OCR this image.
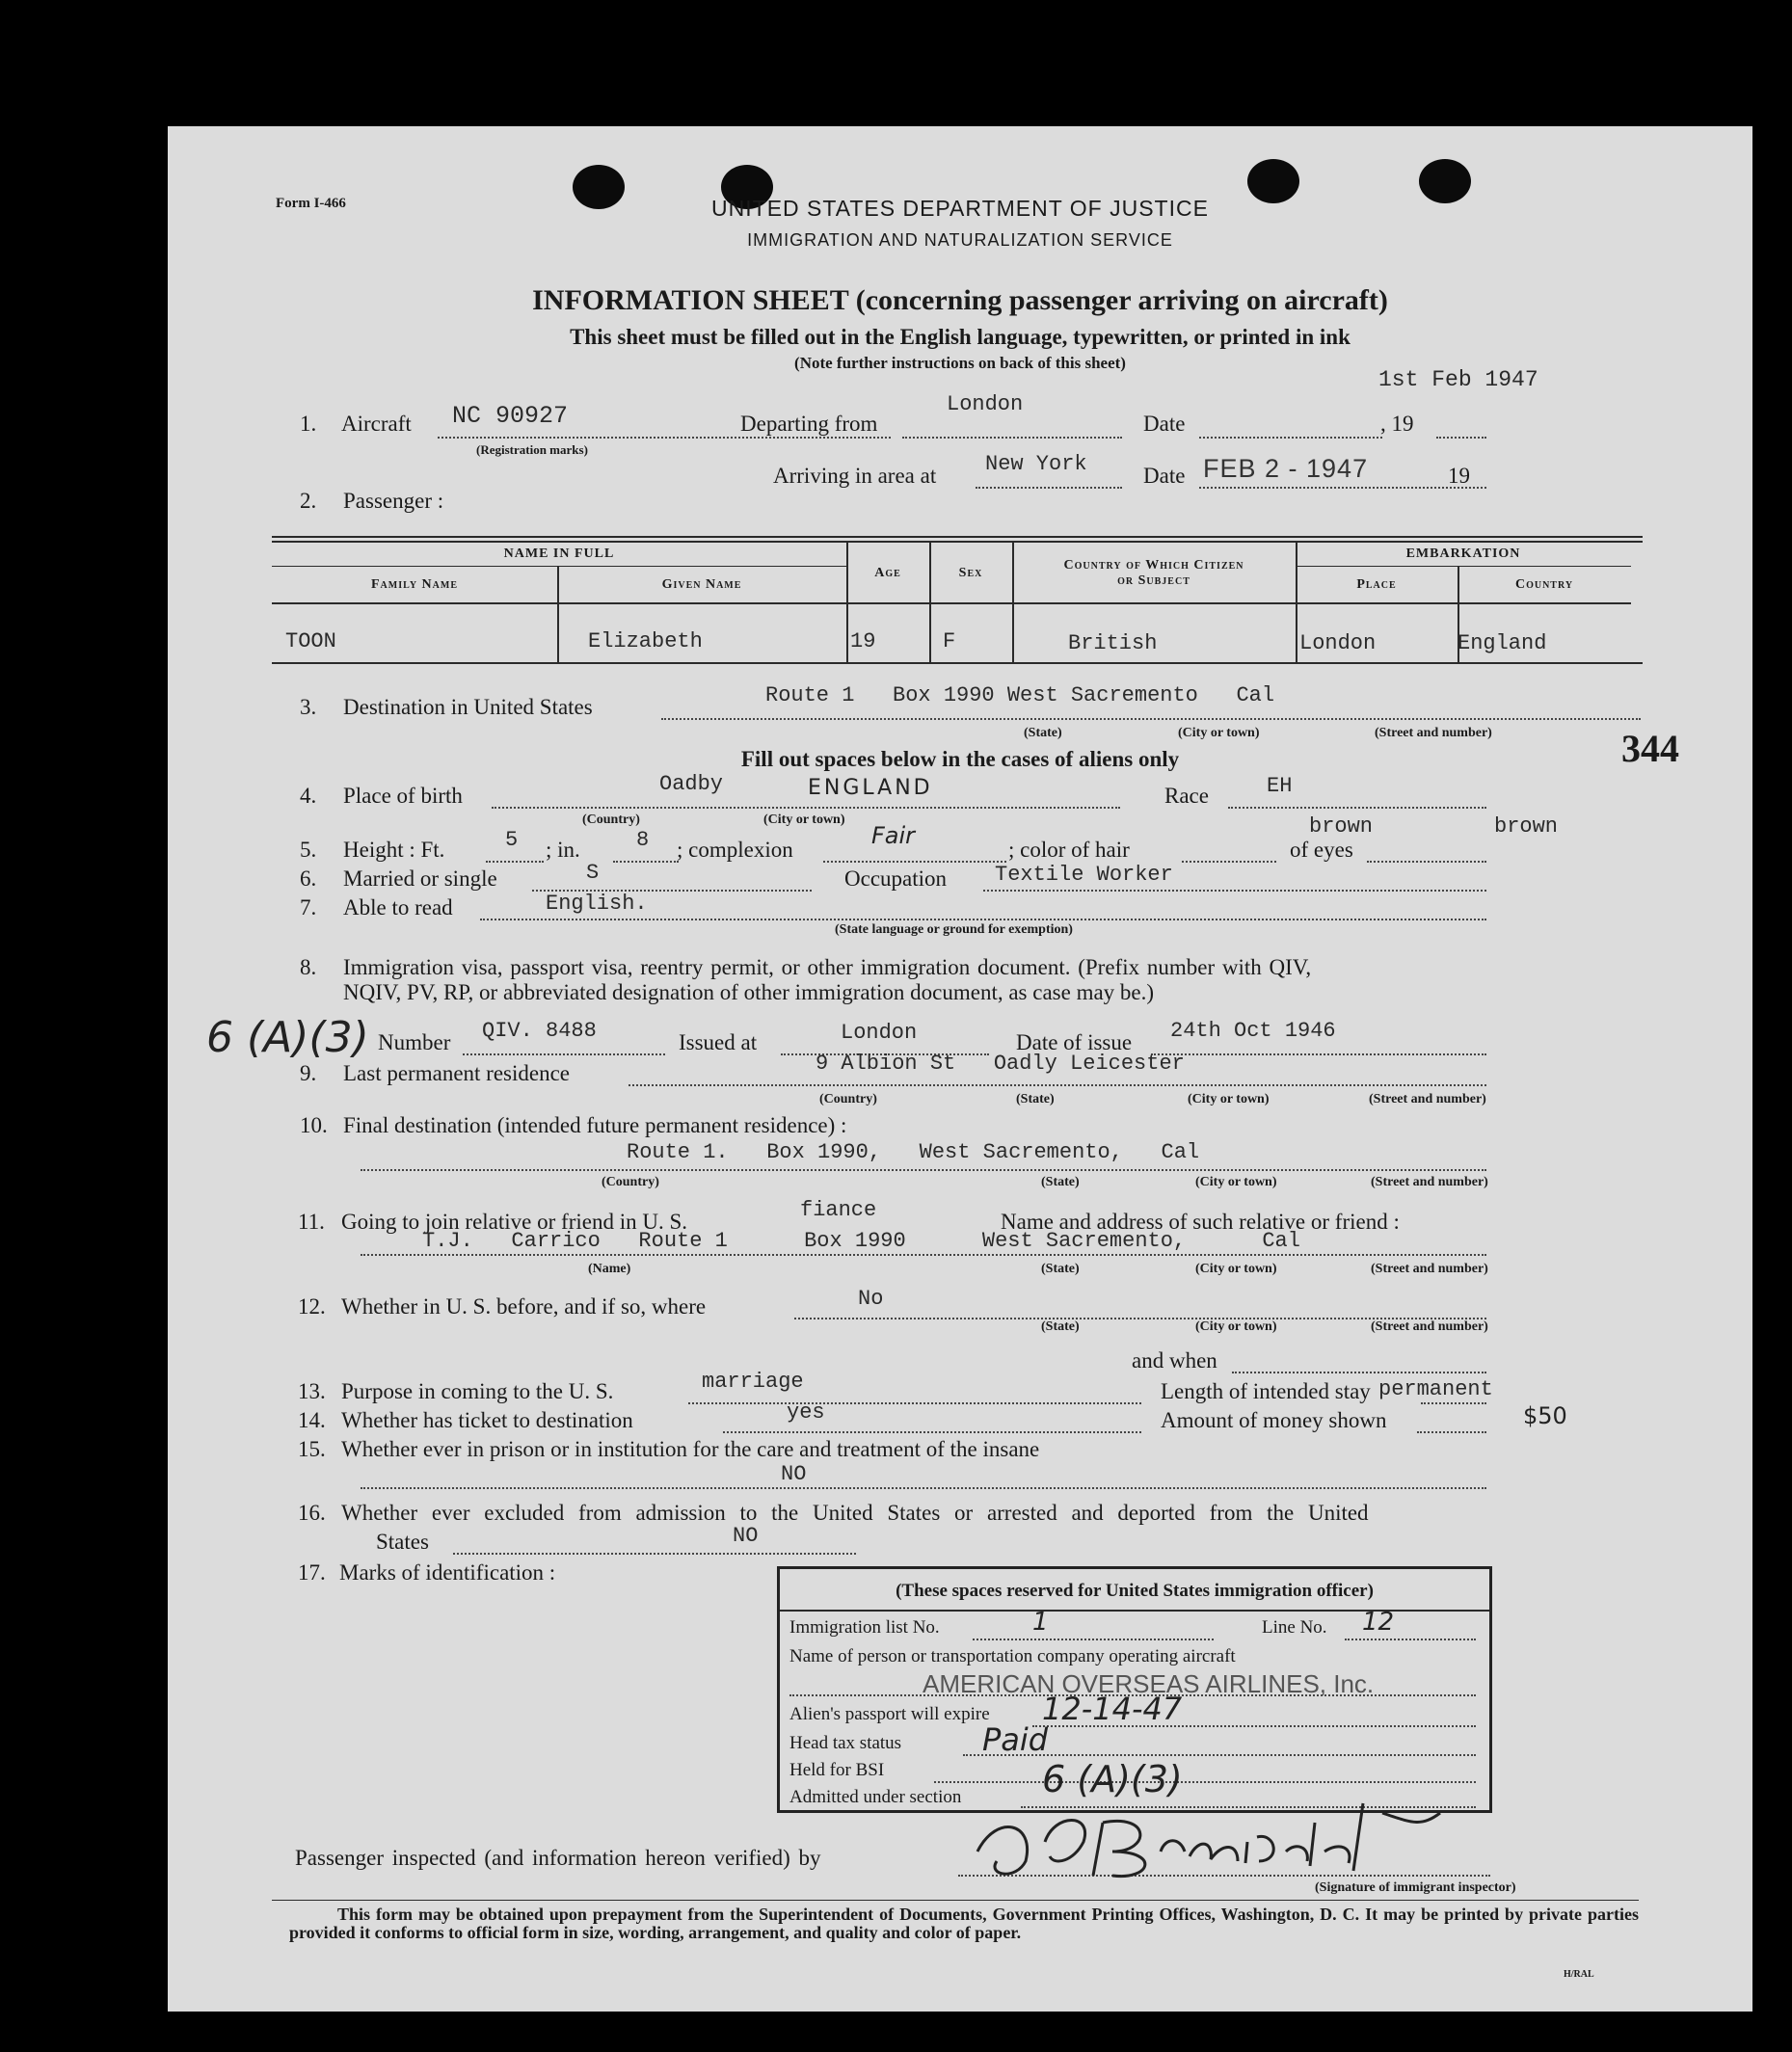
Form I-466	UNITED STATES DEPARTMENT OF JUSTICE
IMMIGRATION AND NATURALIZATION SERVICE
INFORMATION SHEET (concerning passenger arriving on aircraft)
This sheet must be filled out in the English language, typewritten, or printed in ink
(Note further instructions on back of this sheet)
1st Feb 1947
1. Aircraft NC 90927
(Registration marks)
Departing from
London
Date	, 19
Arriving in area at New York	Date FEB 2 - 1947	19
2. Passenger :
NAME IN FULL
Family Name	Given Name
Age	Sex
Country of Which Citizen
or Subject
EMBARKATION
Place	Country
TOON	Elizabeth	19	F	British	London	England
3. Destination in United States	Route 1   Box 1990 West Sacremento   Cal
(State)	(City or town)	(Street and number)	344
Fill out spaces below in the cases of aliens only
4. Place of birth	Oadby	ENGLAND
(Country)	(City or town)
Race	EH
5. Height : Ft.	5 ; in.	8 ; complexion
Fair
; color of hair
brown
of eyes
brown
6. Married or single	S	Occupation Textile Worker
7. Able to read	English.
(State language or ground for exemption)
8. Immigration visa, passport visa, reentry permit, or other immigration document. (Prefix number with QIV,
NQIV, PV, RP, or abbreviated designation of other immigration document, as case may be.)
6 (A)(3) Number QIV. 8488	Issued at	London	Date of issue 24th Oct 1946
9. Last permanent residence	9 Albion St   Oadly Leicester
(Country)	(State)	(City or town)	(Street and number)
10. Final destination (intended future permanent residence) :
Route 1.   Box 1990,   West Sacremento,   Cal
(Country)	(State)	(City or town)	(Street and number)
11. Going to join relative or friend in U. S.	fiance	Name and address of such relative or friend :
T.J.   Carrico   Route 1      Box 1990      West Sacremento,      Cal
(Name)	(State)	(City or town)	(Street and number)
12. Whether in U. S. before, and if so, where	No
(State)	(City or town)	(Street and number)
and when
13. Purpose in coming to the U. S.	marriage	Length of intended stay permanent
14. Whether has ticket to destination	yes	Amount of money shown	$50
15. Whether ever in prison or in institution for the care and treatment of the insane
NO
16. Whether ever excluded from admission to the United States or arrested and deported from the United
States	NO
17. Marks of identification :
(These spaces reserved for United States immigration officer)
Immigration list No.	1	Line No. 12
Name of person or transportation company operating aircraft
AMERICAN OVERSEAS AIRLINES, Inc.
Alien's passport will expire 12-14-47
Head tax status	Paid
Held for BSI
Admitted under section 6 (A)(3)
Passenger inspected (and information hereon verified) by
(Signature of immigrant inspector)
This form may be obtained upon prepayment from the Superintendent of Documents, Government Printing Offices, Washington, D. C. It may be printed by private parties provided it conforms to official form in size, wording, arrangement, and quality and color of paper.
H/RAL
